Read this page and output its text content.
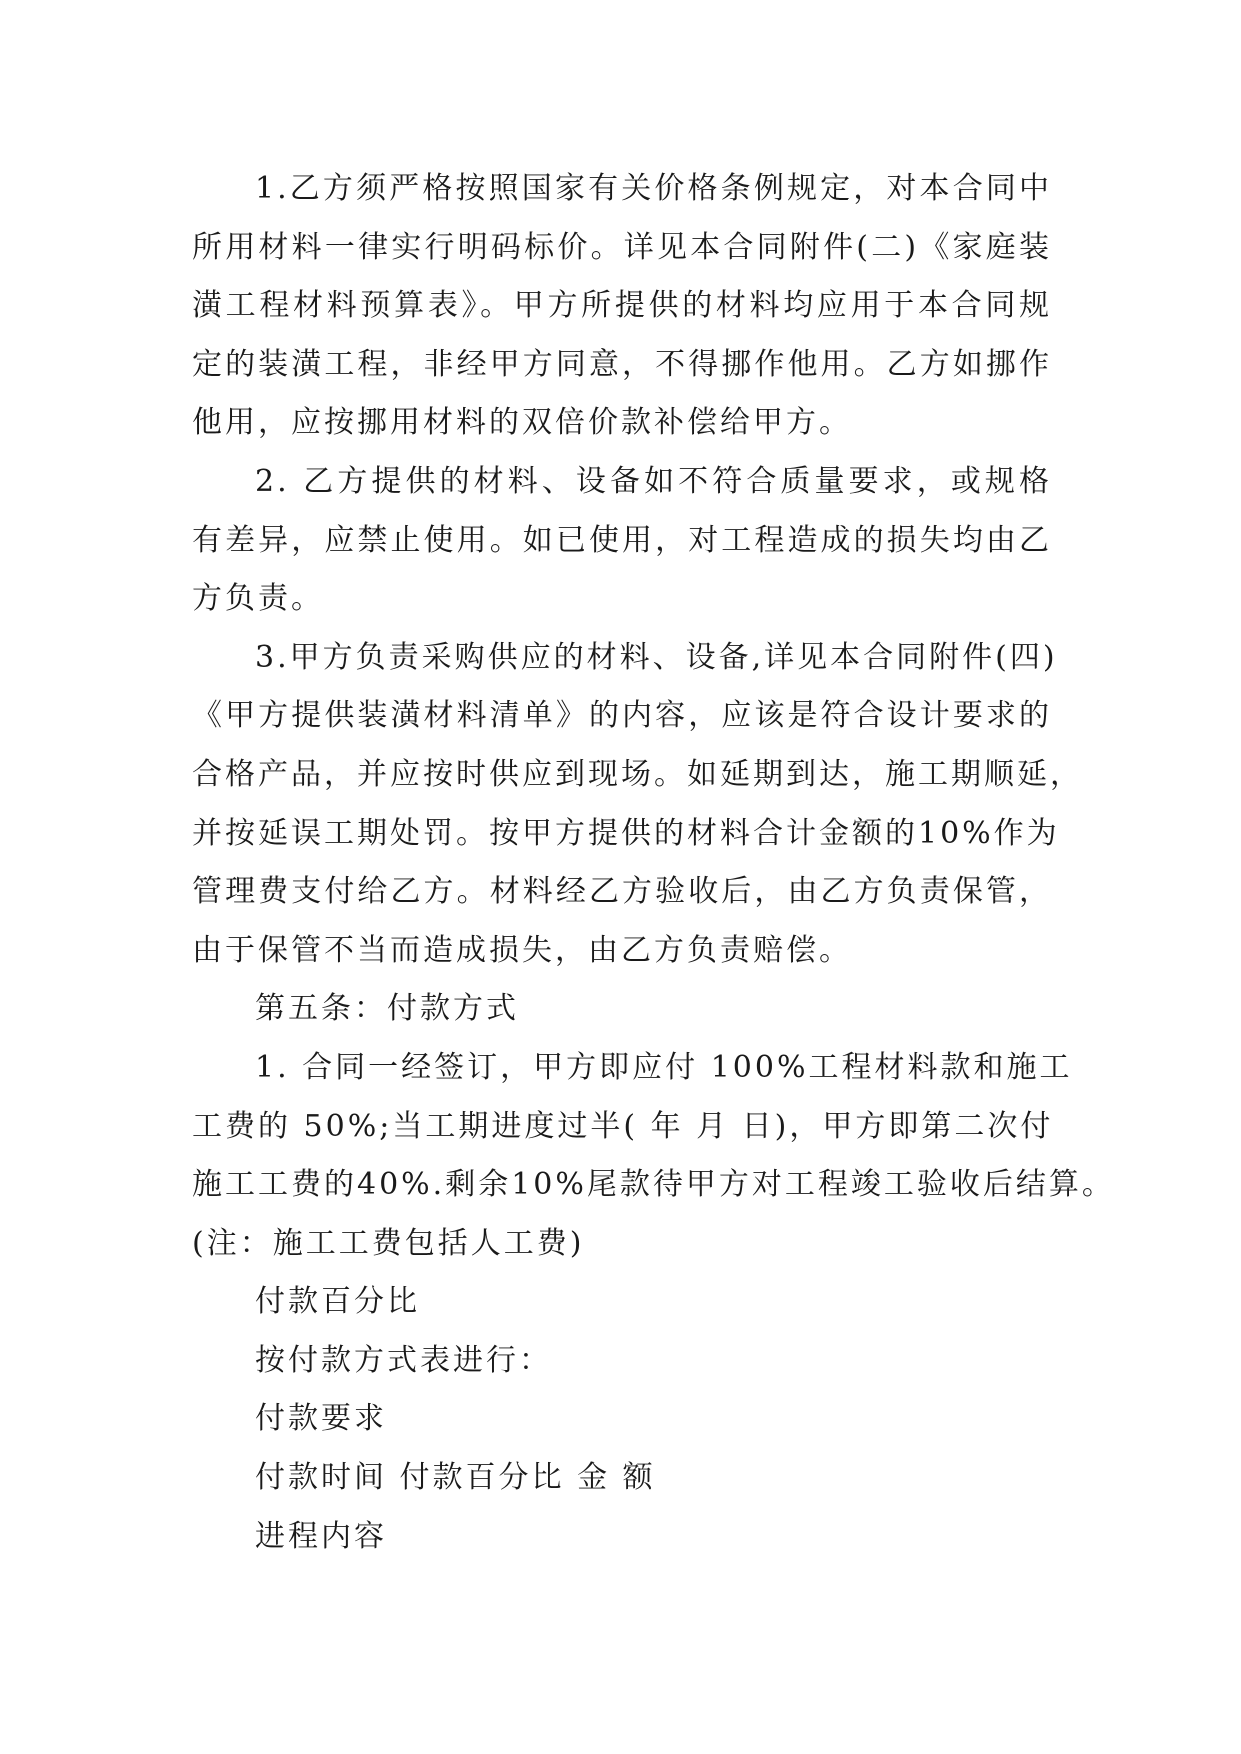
1.乙方须严格按照国家有关价格条例规定，对本合同中
所用材料一律实行明码标价。详见本合同附件(二)《家庭装
潢工程材料预算表》。甲方所提供的材料均应用于本合同规
定的装潢工程，非经甲方同意，不得挪作他用。乙方如挪作
他用，应按挪用材料的双倍价款补偿给甲方。
2. 乙方提供的材料、设备如不符合质量要求，或规格
有差异，应禁止使用。如已使用，对工程造成的损失均由乙
方负责。
3.甲方负责采购供应的材料、设备,详见本合同附件(四)
《甲方提供装潢材料清单》的内容，应该是符合设计要求的
合格产品，并应按时供应到现场。如延期到达，施工期顺延，
并按延误工期处罚。按甲方提供的材料合计金额的10%作为
管理费支付给乙方。材料经乙方验收后，由乙方负责保管，
由于保管不当而造成损失，由乙方负责赔偿。
第五条：付款方式
1. 合同一经签订，甲方即应付 100%工程材料款和施工
工费的 50%;当工期进度过半( 年 月 日)，甲方即第二次付
施工工费的40%.剩余10%尾款待甲方对工程竣工验收后结算。
(注：施工工费包括人工费)
付款百分比
按付款方式表进行：
付款要求
付款时间 付款百分比 金 额
进程内容
